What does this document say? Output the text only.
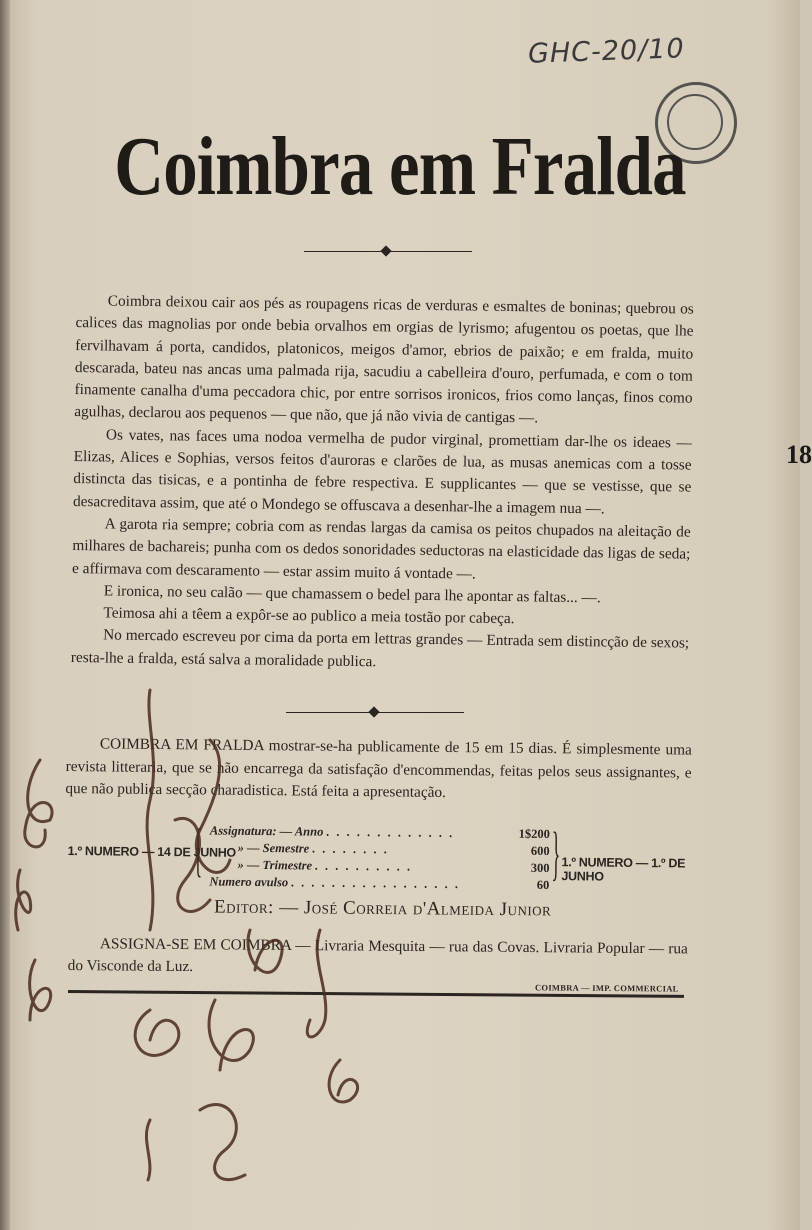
GHC-20/10
Coimbra em Fralda

Coimbra deixou cair aos pés as roupagens ricas de verduras e esmaltes de boninas; quebrou os calices das magnolias por onde bebia orvalhos em orgias de lyrismo; afugentou os poetas, que lhe fervilhavam á porta, candidos, platonicos, meigos d'amor, ebrios de paixão; e em fralda, muito descarada, bateu nas ancas uma palmada rija, sacudiu a cabelleira d'ouro, perfumada, e com o tom finamente canalha d'uma peccadora chic, por entre sorrisos ironicos, frios como lanças, finos como agulhas, declarou aos pequenos — que não, que já não vivia de cantigas —.

Os vates, nas faces uma nodoa vermelha de pudor virginal, promettiam dar-lhe os ideaes — Elizas, Alices e Sophias, versos feitos d'auroras e clarões de lua, as musas anemicas com a tosse distincta das tisicas, e a pontinha de febre respectiva. E supplicantes — que se vestisse, que se desacreditava assim, que até o Mondego se offuscava a desenhar-lhe a imagem nua —.

A garota ria sempre; cobria com as rendas largas da camisa os peitos chupados na aleitação de milhares de bachareis; punha com os dedos sonoridades seductoras na elasticidade das ligas de seda; e affirmava com descaramento — estar assim muito á vontade —.

E ironica, no seu calão — que chamassem o bedel para lhe apontar as faltas... —.

Teimosa ahi a têem a expôr-se ao publico a meia tostão por cabeça.

No mercado escreveu por cima da porta em lettras grandes — Entrada sem distincção de sexos; resta-lhe a fralda, está salva a moralidade publica.

COIMBRA EM FRALDA mostrar-se-ha publicamente de 15 em 15 dias. É simplesmente uma revista litteraria, que se não encarrega da satisfação d'encommendas, feitas pelos seus assignantes, e que não publica secção charadistica. Está feita a apresentação.

1.º NUMERO — 14 DE JUNHO
{ Assignatura: — Anno . . . . . . . . . . . . .	1$200
» — Semestre . . . . . . . .	600
» — Trimestre . . . . . . . . . .	300
Numero avulso . . . . . . . . . . . . . . . . .	60 } 1.º NUMERO — 1.º DE JUNHO
Editor: — José Correia d'Almeida Junior

ASSIGNA-SE EM COIMBRA — Livraria Mesquita — rua das Covas. Livraria Popular — rua do Visconde da Luz.

COIMBRA — IMP. COMMERCIAL
18
